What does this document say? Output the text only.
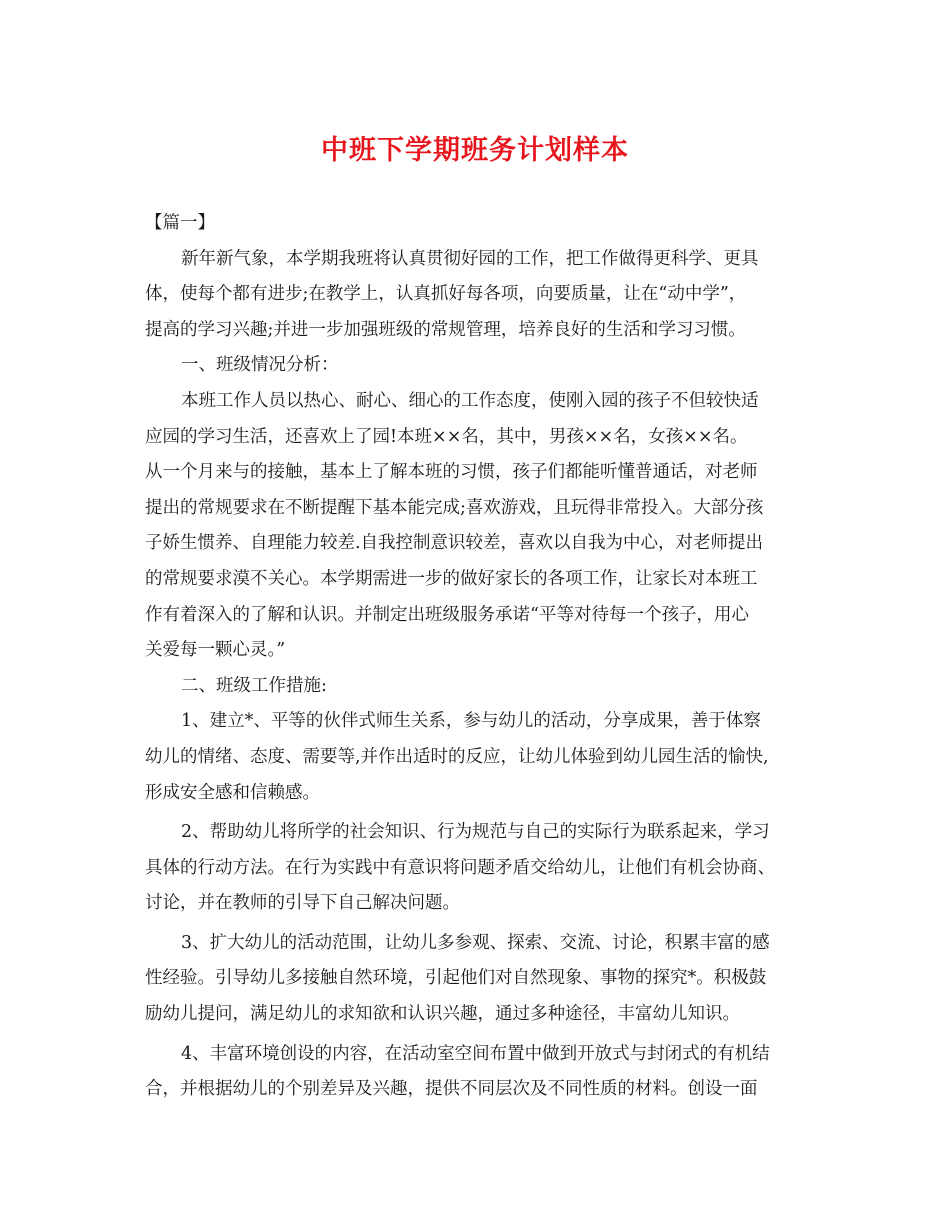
中班下学期班务计划样本
【篇一】
新年新气象，本学期我班将认真贯彻好园的工作，把工作做得更科学、更具
体，使每个都有进步;在教学上，认真抓好每各项，向要质量，让在“动中学”，
提高的学习兴趣;并进一步加强班级的常规管理，培养良好的生活和学习习惯。
一、班级情况分析：
本班工作人员以热心、耐心、细心的工作态度，使刚入园的孩子不但较快适
应园的学习生活，还喜欢上了园!本班××名，其中，男孩××名，女孩××名。
从一个月来与的接触，基本上了解本班的习惯，孩子们都能听懂普通话，对老师
提出的常规要求在不断提醒下基本能完成;喜欢游戏，且玩得非常投入。大部分孩
子娇生惯养、自理能力较差.自我控制意识较差，喜欢以自我为中心，对老师提出
的常规要求漠不关心。本学期需进一步的做好家长的各项工作，让家长对本班工
作有着深入的了解和认识。并制定出班级服务承诺“平等对待每一个孩子，用心
关爱每一颗心灵。”
二、班级工作措施:
1、建立*、平等的伙伴式师生关系，参与幼儿的活动，分享成果，善于体察
幼儿的情绪、态度、需要等,并作出适时的反应，让幼儿体验到幼儿园生活的愉快,
形成安全感和信赖感。
2、帮助幼儿将所学的社会知识、行为规范与自己的实际行为联系起来，学习
具体的行动方法。在行为实践中有意识将问题矛盾交给幼儿，让他们有机会协商、
讨论，并在教师的引导下自己解决问题。
3、扩大幼儿的活动范围，让幼儿多参观、探索、交流、讨论，积累丰富的感
性经验。引导幼儿多接触自然环境，引起他们对自然现象、事物的探究*。积极鼓
励幼儿提问，满足幼儿的求知欲和认识兴趣，通过多种途径，丰富幼儿知识。
4、丰富环境创设的内容，在活动室空间布置中做到开放式与封闭式的有机结
合，并根据幼儿的个别差异及兴趣，提供不同层次及不同性质的材料。创设一面
